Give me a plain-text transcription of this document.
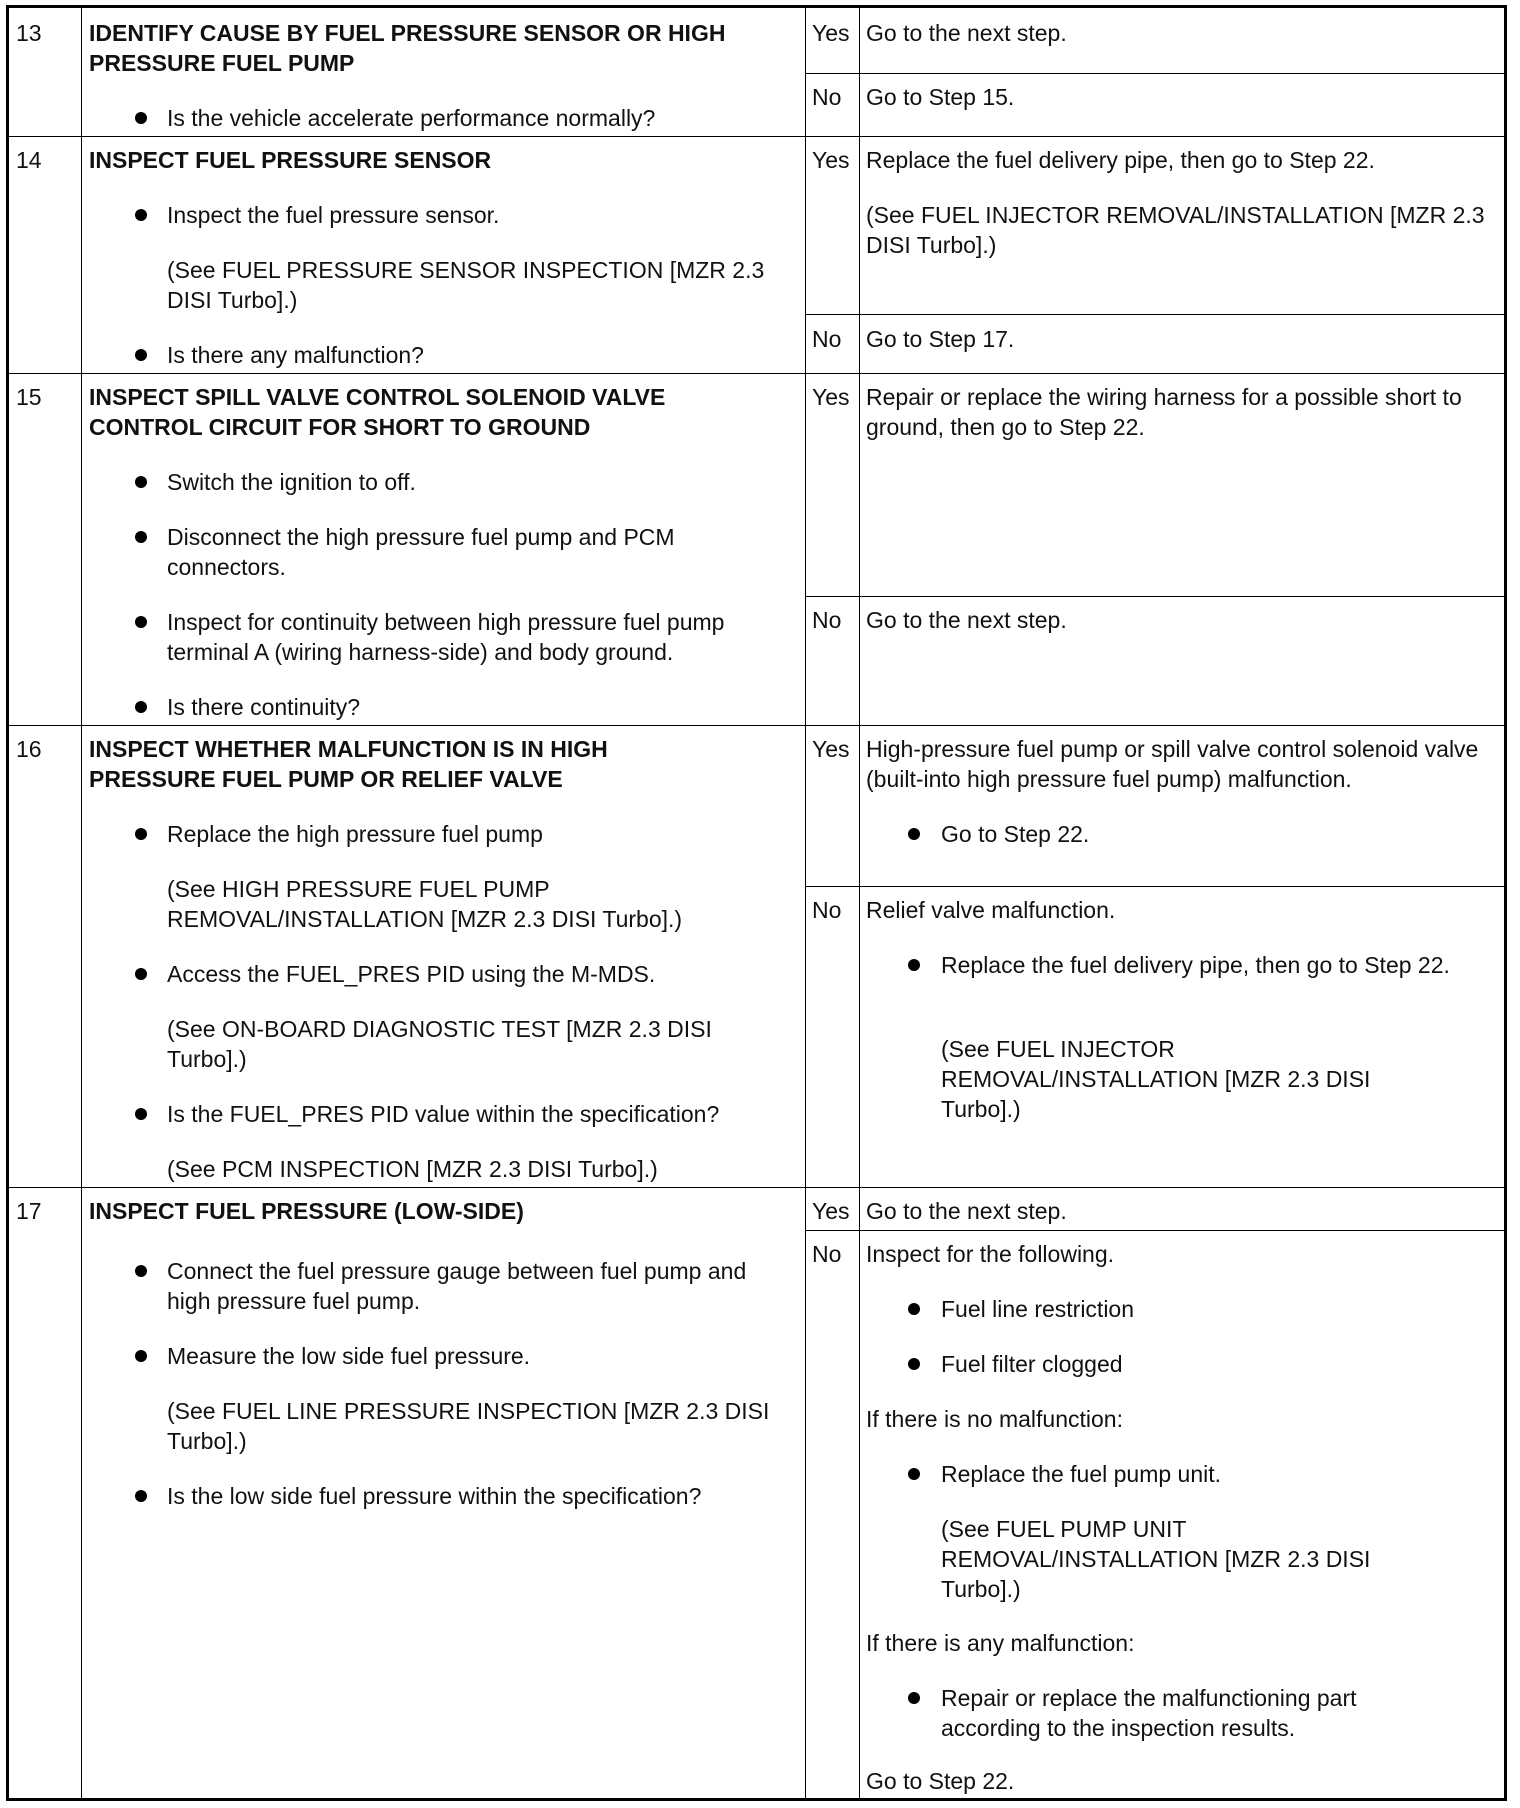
13 IDENTIFY CAUSE BY FUEL PRESSURE SENSOR OR HIGH PRESSURE FUEL PUMP
Is the vehicle accelerate performance normally?
Yes Go to the next step.
No Go to Step 15.
14 INSPECT FUEL PRESSURE SENSOR
Inspect the fuel pressure sensor.
(See FUEL PRESSURE SENSOR INSPECTION [MZR 2.3 DISI Turbo].)
Is there any malfunction?
Yes Replace the fuel delivery pipe, then go to Step 22.
(See FUEL INJECTOR REMOVAL/INSTALLATION [MZR 2.3 DISI Turbo].)
No Go to Step 17.
15 INSPECT SPILL VALVE CONTROL SOLENOID VALVE CONTROL CIRCUIT FOR SHORT TO GROUND
Switch the ignition to off.
Disconnect the high pressure fuel pump and PCM connectors.
Inspect for continuity between high pressure fuel pump terminal A (wiring harness-side) and body ground.
Is there continuity?
Yes Repair or replace the wiring harness for a possible short to ground, then go to Step 22.
No Go to the next step.
16 INSPECT WHETHER MALFUNCTION IS IN HIGH PRESSURE FUEL PUMP OR RELIEF VALVE
Replace the high pressure fuel pump
(See HIGH PRESSURE FUEL PUMP REMOVAL/INSTALLATION [MZR 2.3 DISI Turbo].)
Access the FUEL_PRES PID using the M-MDS.
(See ON-BOARD DIAGNOSTIC TEST [MZR 2.3 DISI Turbo].)
Is the FUEL_PRES PID value within the specification?
(See PCM INSPECTION [MZR 2.3 DISI Turbo].)
Yes High-pressure fuel pump or spill valve control solenoid valve (built-into high pressure fuel pump) malfunction.
Go to Step 22.
No Relief valve malfunction.
Replace the fuel delivery pipe, then go to Step 22.
(See FUEL INJECTOR REMOVAL/INSTALLATION [MZR 2.3 DISI Turbo].)
17 INSPECT FUEL PRESSURE (LOW-SIDE)
Connect the fuel pressure gauge between fuel pump and high pressure fuel pump.
Measure the low side fuel pressure.
(See FUEL LINE PRESSURE INSPECTION [MZR 2.3 DISI Turbo].)
Is the low side fuel pressure within the specification?
Yes Go to the next step.
No Inspect for the following.
Fuel line restriction
Fuel filter clogged
If there is no malfunction:
Replace the fuel pump unit.
(See FUEL PUMP UNIT REMOVAL/INSTALLATION [MZR 2.3 DISI Turbo].)
If there is any malfunction:
Repair or replace the malfunctioning part according to the inspection results.
Go to Step 22.
